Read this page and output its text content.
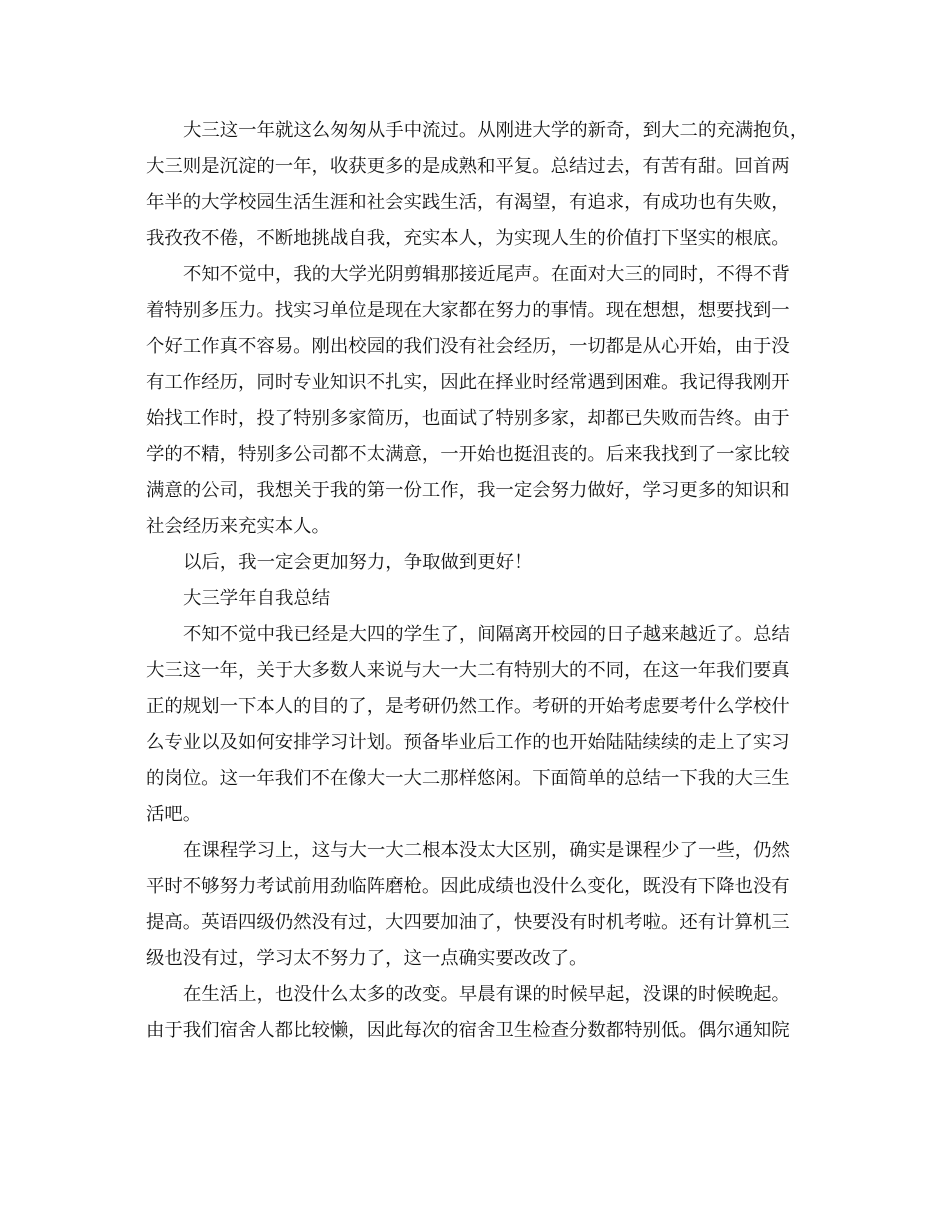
大三这一年就这么匆匆从手中流过。从刚进大学的新奇，到大二的充满抱负，
大三则是沉淀的一年，收获更多的是成熟和平复。总结过去，有苦有甜。回首两
年半的大学校园生活生涯和社会实践生活，有渴望，有追求，有成功也有失败，
我孜孜不倦，不断地挑战自我，充实本人，为实现人生的价值打下坚实的根底。
不知不觉中，我的大学光阴剪辑那接近尾声。在面对大三的同时，不得不背
着特别多压力。找实习单位是现在大家都在努力的事情。现在想想，想要找到一
个好工作真不容易。刚出校园的我们没有社会经历，一切都是从心开始，由于没
有工作经历，同时专业知识不扎实，因此在择业时经常遇到困难。我记得我刚开
始找工作时，投了特别多家简历，也面试了特别多家，却都已失败而告终。由于
学的不精，特别多公司都不太满意，一开始也挺沮丧的。后来我找到了一家比较
满意的公司，我想关于我的第一份工作，我一定会努力做好，学习更多的知识和
社会经历来充实本人。
以后，我一定会更加努力，争取做到更好！
大三学年自我总结
不知不觉中我已经是大四的学生了，间隔离开校园的日子越来越近了。总结
大三这一年，关于大多数人来说与大一大二有特别大的不同，在这一年我们要真
正的规划一下本人的目的了，是考研仍然工作。考研的开始考虑要考什么学校什
么专业以及如何安排学习计划。预备毕业后工作的也开始陆陆续续的走上了实习
的岗位。这一年我们不在像大一大二那样悠闲。下面简单的总结一下我的大三生
活吧。
在课程学习上，这与大一大二根本没太大区别，确实是课程少了一些，仍然
平时不够努力考试前用劲临阵磨枪。因此成绩也没什么变化，既没有下降也没有
提高。英语四级仍然没有过，大四要加油了，快要没有时机考啦。还有计算机三
级也没有过，学习太不努力了，这一点确实要改改了。
在生活上，也没什么太多的改变。早晨有课的时候早起，没课的时候晚起。
由于我们宿舍人都比较懒，因此每次的宿舍卫生检查分数都特别低。偶尔通知院
